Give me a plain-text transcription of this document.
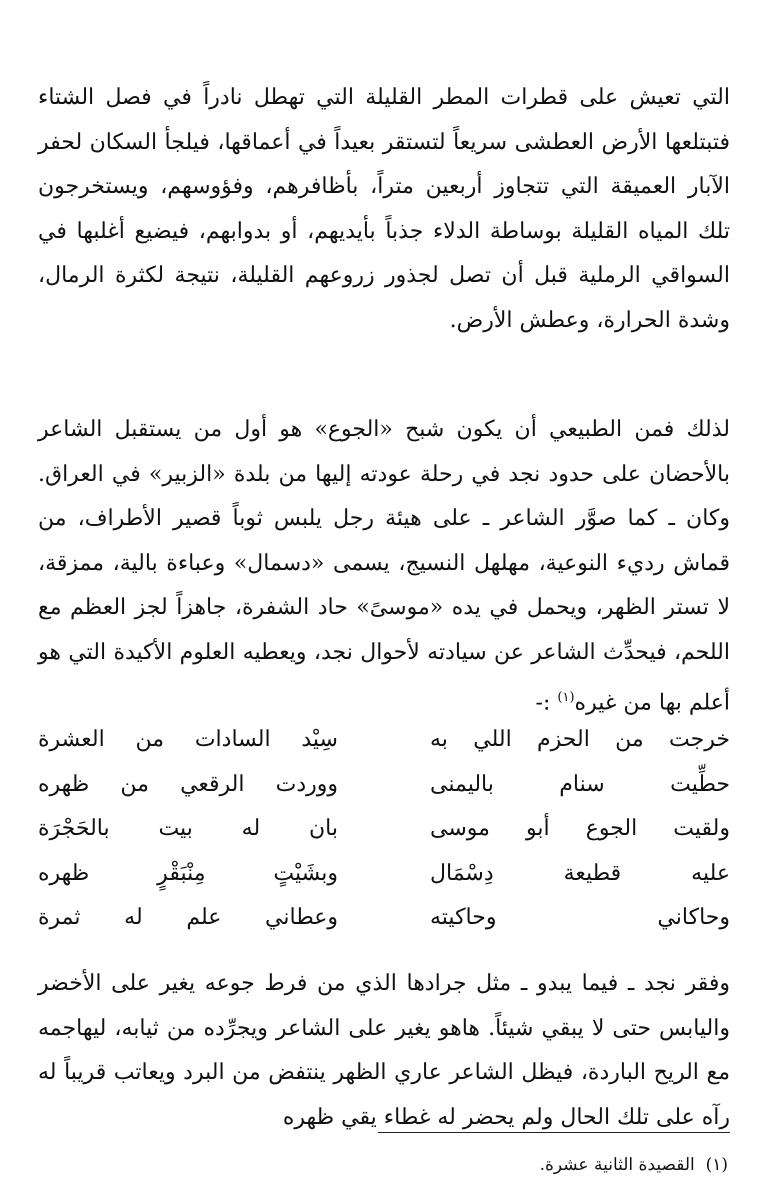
التي تعيش على قطرات المطر القليلة التي تهطل نادراً في فصل الشتاء فتبتلعها الأرض العطشى سريعاً لتستقر بعيداً في أعماقها، فيلجأ السكان لحفر الآبار العميقة التي تتجاوز أربعين متراً، بأظافرهم، وفؤوسهم، ويستخرجون تلك المياه القليلة بوساطة الدلاء جذباً بأيديهم، أو بدوابهم، فيضيع أغلبها في السواقي الرملية قبل أن تصل لجذور زروعهم القليلة، نتيجة لكثرة الرمال، وشدة الحرارة، وعطش الأرض.

لذلك فمن الطبيعي أن يكون شبح «الجوع» هو أول من يستقبل الشاعر بالأحضان على حدود نجد في رحلة عودته إليها من بلدة «الزبير» في العراق. وكان ـ كما صوَّر الشاعر ـ على هيئة رجل يلبس ثوباً قصير الأطراف، من قماش رديء النوعية، مهلهل النسيج، يسمى «دسمال» وعباءة بالية، ممزقة، لا تستر الظهر، ويحمل في يده «موسىً» حاد الشفرة، جاهزاً لجز العظم مع اللحم، فيحدِّث الشاعر عن سيادته لأحوال نجد، ويعطيه العلوم الأكيدة التي هو أعلم بها من غيره$^{(١)}$ :-

خرجت من الحزم اللي به
سِيْد السادات من العشرة
حطِّيت سنام باليمنى
ووردت الرقعي من ظهره
ولقيت الجوع أبو موسى
بان له بيت بالحَجْرَة
عليه قطيعة دِسْمَال
وبشَيْتٍ مِنْبَقْرٍ ظهره
وحاكاني وحاكيته
وعطاني علم له ثمرة

وفقر نجد ـ فيما يبدو ـ مثل جرادها الذي من فرط جوعه يغير على الأخضر واليابس حتى لا يبقي شيئاً. هاهو يغير على الشاعر ويجرِّده من ثيابه، ليهاجمه مع الريح الباردة، فيظل الشاعر عاري الظهر ينتفض من البرد ويعاتب قريباً له رآه على تلك الحال ولم يحضر له غطاء يقي ظهره

(١)  القصيدة الثانية عشرة.
